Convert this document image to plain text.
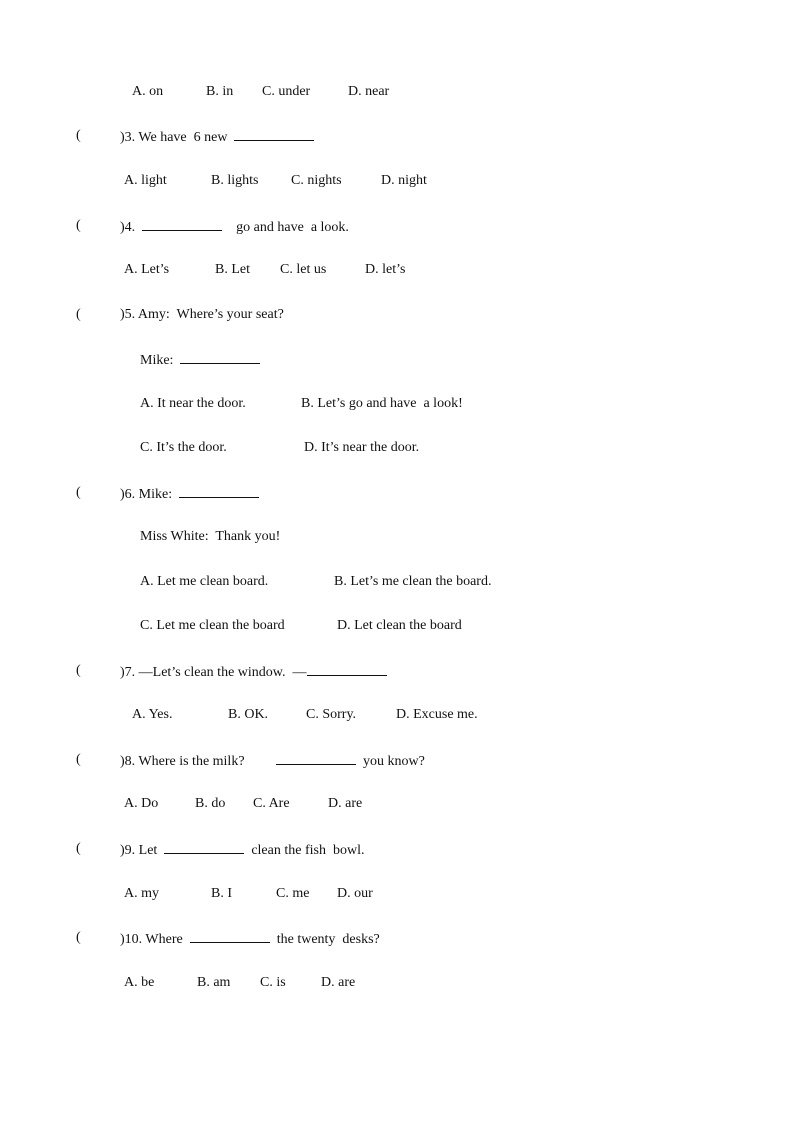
A. on	B. in C. under	D. near
(	)3. We have  6 new
A. light	B. lights C. nights	D. night
(	)4.	go and have  a look.
A. Let’s	B. Let C. let us	D. let’s
(	)5. Amy:  Where’s your seat?
Mike:
A. It near the door.	B. Let’s go and have  a look!
C. It’s the door.	D. It’s near the door.
(	)6. Mike:
Miss White:  Thank you!
A. Let me clean board.	B. Let’s me clean the board.
C. Let me clean the board	D. Let clean the board
(	)7. —Let’s clean the window.  —
A. Yes.	B. OK.	C. Sorry.	D. Excuse me.
(	)8. Where is the milk?	you know?
A. Do	B. do C. Are	D. are
(	)9. Let	clean the fish  bowl.
A. my	B. I	C. me D. our
(	)10. Where	the twenty  desks?
A. be	B. am C. is	D. are
